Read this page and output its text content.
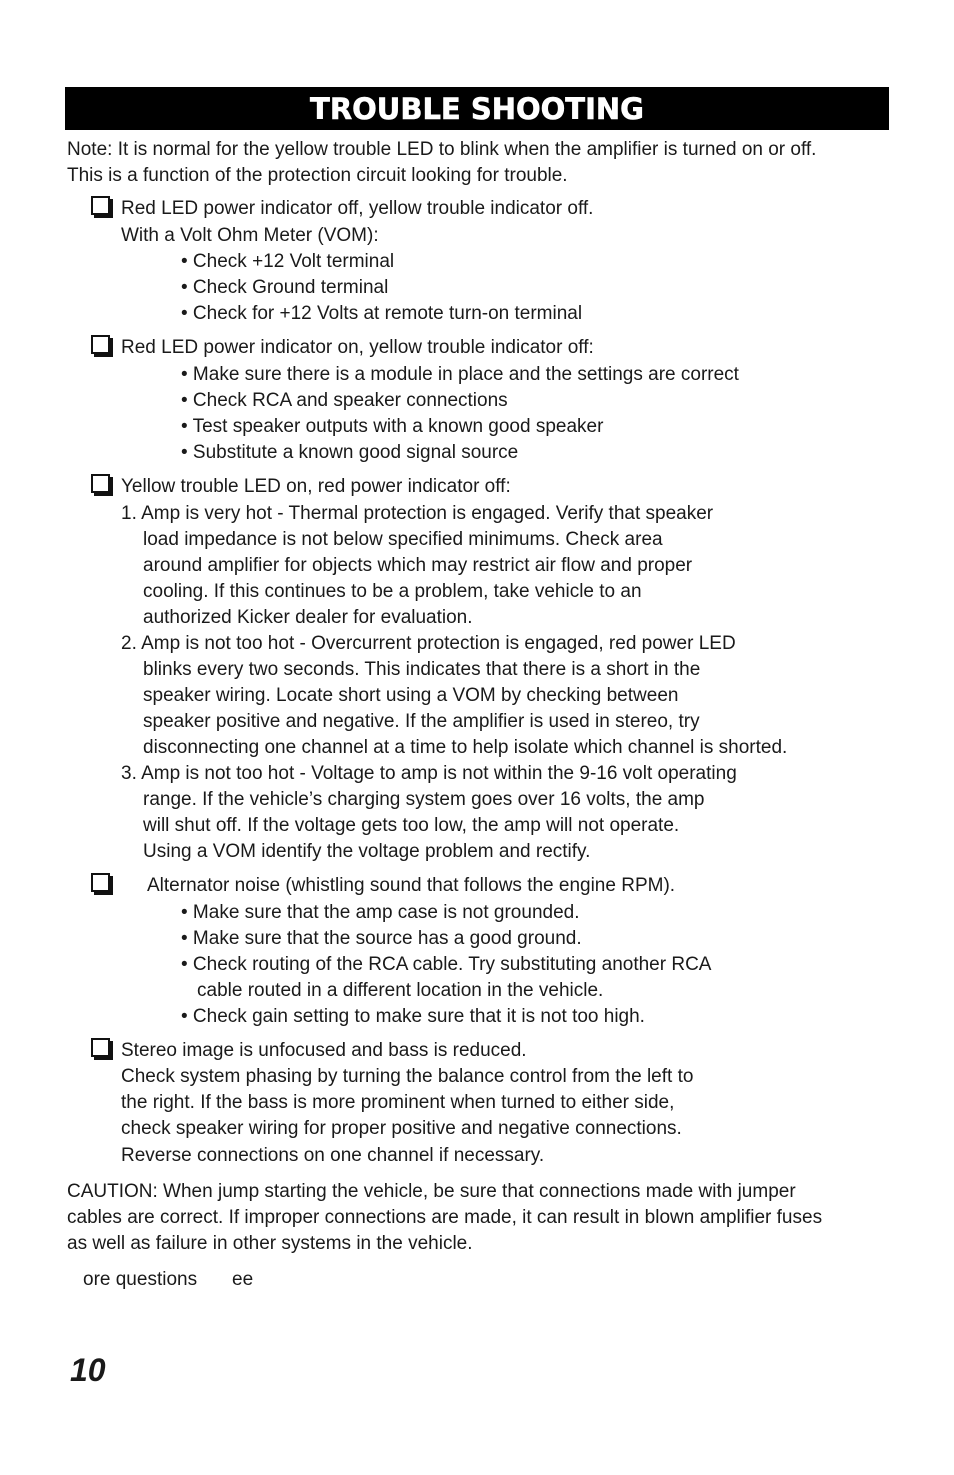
TROUBLE SHOOTING
Note: It is normal for the yellow trouble LED to blink when the amplifier is turned on or off.
This is a function of the protection circuit looking for trouble.
Red LED power indicator off, yellow trouble indicator off.
With a Volt Ohm Meter (VOM):
• Check +12 Volt terminal
• Check Ground terminal
• Check for +12 Volts at remote turn-on terminal
Red LED power indicator on, yellow trouble indicator off:
• Make sure there is a module in place and the settings are correct
• Check RCA and speaker connections
• Test speaker outputs with a known good speaker
• Substitute a known good signal source
Yellow trouble LED on, red power indicator off:
1. Amp is very hot - Thermal protection is engaged. Verify that speaker
load impedance is not below specified minimums. Check area
around amplifier for objects which may restrict air flow and proper
cooling. If this continues to be a problem, take vehicle to an
authorized Kicker dealer for evaluation.
2. Amp is not too hot - Overcurrent protection is engaged, red power LED
blinks every two seconds. This indicates that there is a short in the
speaker wiring. Locate short using a VOM by checking between
speaker positive and negative. If the amplifier is used in stereo, try
disconnecting one channel at a time to help isolate which channel is shorted.
3. Amp is not too hot - Voltage to amp is not within the 9-16 volt operating
range. If the vehicle’s charging system goes over 16 volts, the amp
will shut off. If the voltage gets too low, the amp will not operate.
Using a VOM identify the voltage problem and rectify.
Alternator noise (whistling sound that follows the engine RPM).
• Make sure that the amp case is not grounded.
• Make sure that the source has a good ground.
• Check routing of the RCA cable. Try substituting another RCA
cable routed in a different location in the vehicle.
• Check gain setting to make sure that it is not too high.
Stereo image is unfocused and bass is reduced.
Check system phasing by turning the balance control from the left to
the right. If the bass is more prominent when turned to either side,
check speaker wiring for proper positive and negative connections.
Reverse connections on one channel if necessary.
CAUTION: When jump starting the vehicle, be sure that connections made with jumper
cables are correct. If improper connections are made, it can result in blown amplifier fuses
as well as failure in other systems in the vehicle.
ore questions ee
10
